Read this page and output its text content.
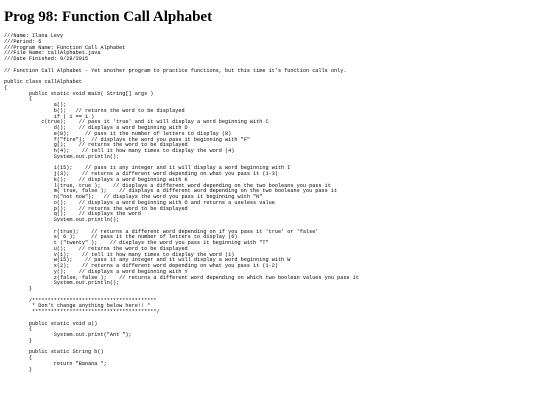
Prog 98: Function Call Alphabet
///Name: Ilana Levy
///Period: 5
///Program Name: Function Call Alphabet
///File Name: callAlphabet.java
///Date Finished: 9/28/2015
// Function Call Alphabet - Yet another program to practice functions, but this time it's function calls only.
public class callAlphabet
{
public static void main( String[] args )
{
a();
b();   // returns the word to be displayed
if ( 1 == 1 )
c(true);    // pass it 'true' and it will display a word beginning with C
d();    // displays a word beginning with D
e(8);     // pass it the number of letters to display (8)
f("fire");  // displays the word you pass it beginning with "F"
g();    // returns the word to be displayed
h(4);    // tell it how many times to display the word (4)
System.out.println();
i(15);    // pass it any integer and it will display a word beginning with I
j(3);    // returns a different word depending on what you pass it (1-3)
k();    // displays a word beginning with K
l(true, true );    // displays a different word depending on the two booleans you pass it
m( true, false );    // displays a different word depending on the two booleans you pass it
n("not now");   // displays the word you pass it beginning with "N"
o();    // displays a word beginning with O and returns a useless value
p();    // returns the word to be displayed
q();    // displays the word
System.out.println();
r(true);    // returns a different word depending on if you pass it 'true' or 'false'
s( 6 );     // pass it the number of letters to display (6)
t ("twenty" );    // displays the word you pass it beginning with "T"
u();    // returns the word to be displayed
v(1);    // tell it how many times to display the word (1)
w(15);    // pass it any integer and it will display a word beginning with W
x(2);    // returns a different word depending on what you pass it (1-2)
y();    // displays a word beginning with Y
z(false, false );    // returns a different word depending on which two boolean values you pass it
System.out.println();
}
/****************************************
* Don't change anything below here!! *
****************************************/
public static void a()
{
System.out.print("Ant ");
}
public static String b()
{
return "Banana ";
}
